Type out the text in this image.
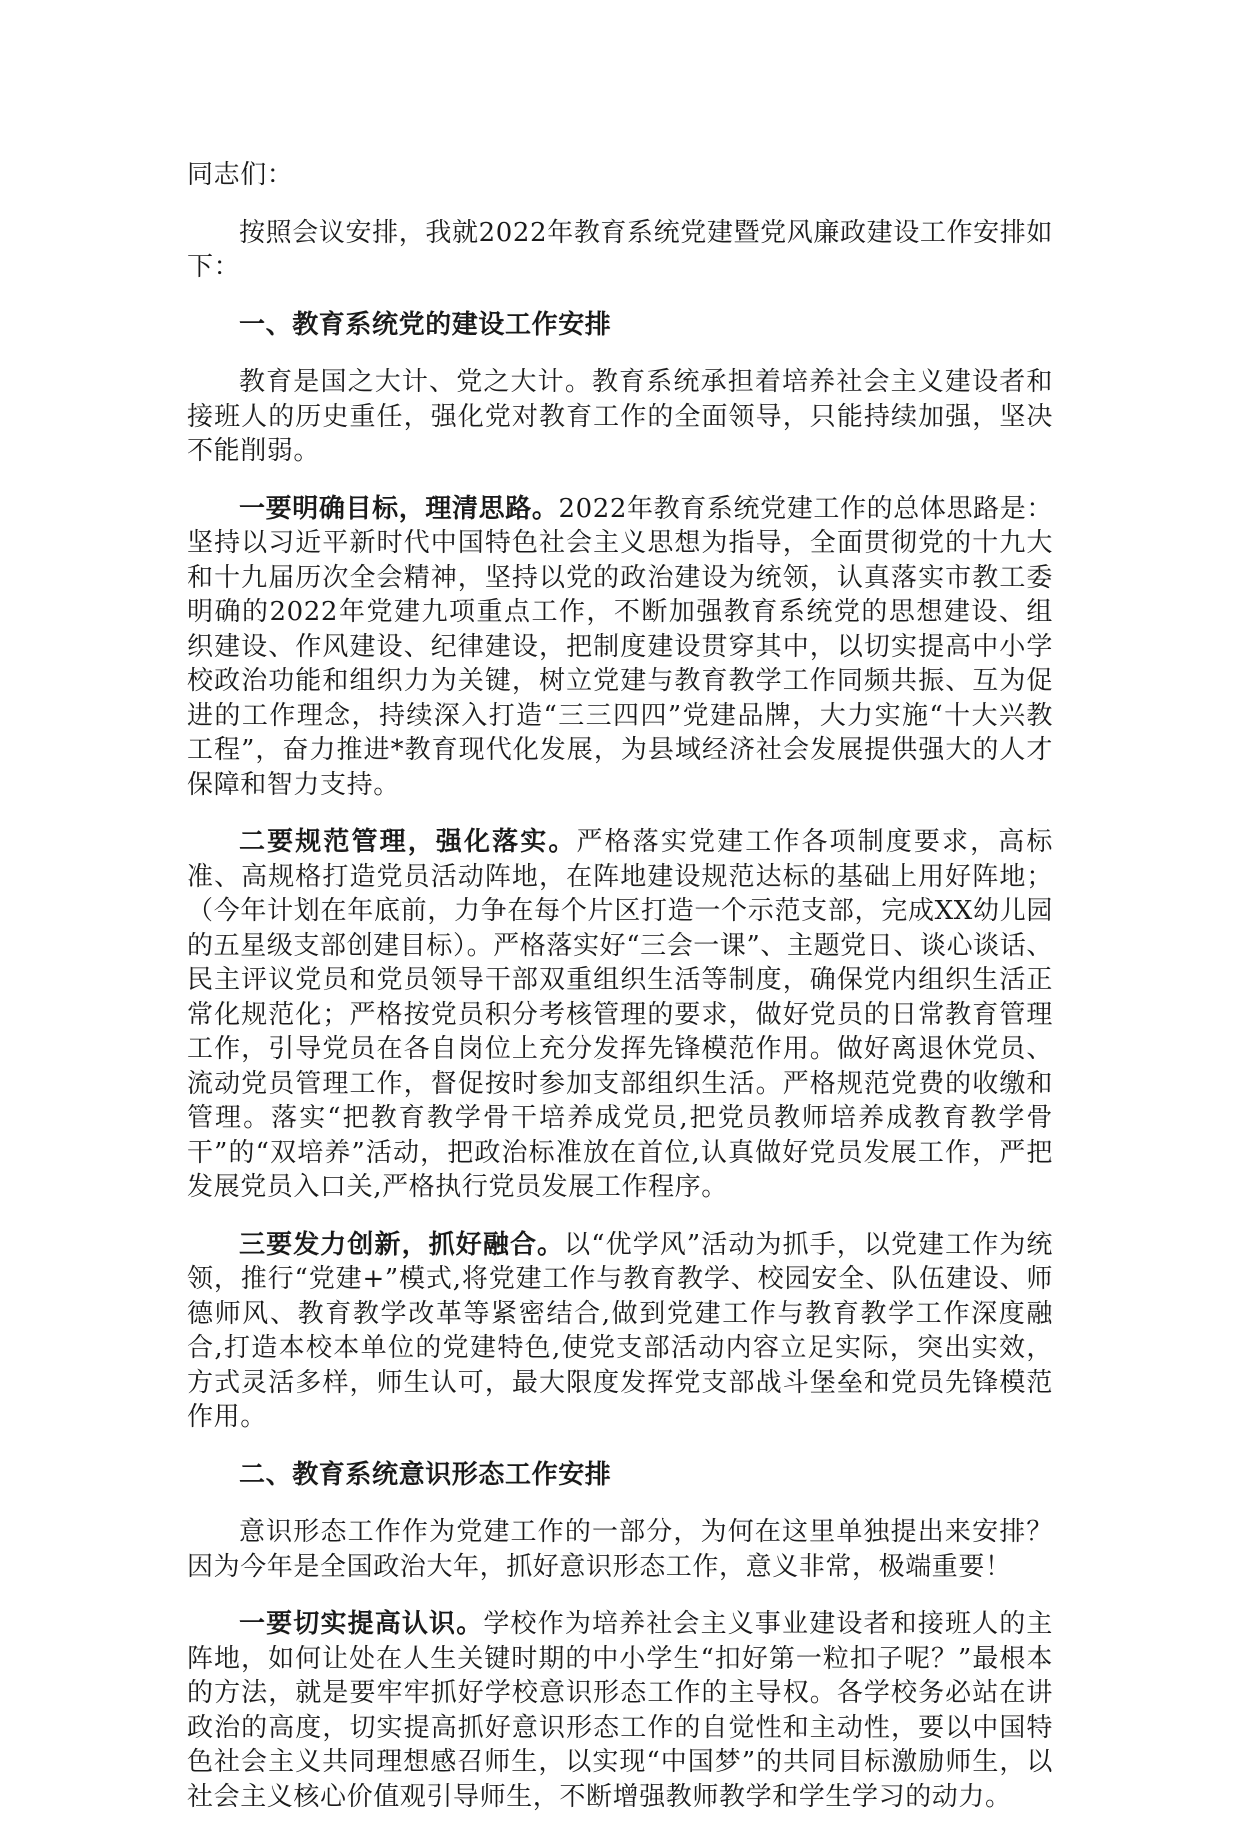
同志们：

按照会议安排，我就2022年教育系统党建暨党风廉政建设工作安排如下：

一、教育系统党的建设工作安排

教育是国之大计、党之大计。教育系统承担着培养社会主义建设者和接班人的历史重任，强化党对教育工作的全面领导，只能持续加强，坚决不能削弱。

一要明确目标，理清思路。2022年教育系统党建工作的总体思路是：坚持以习近平新时代中国特色社会主义思想为指导，全面贯彻党的十九大和十九届历次全会精神，坚持以党的政治建设为统领，认真落实市教工委明确的2022年党建九项重点工作，不断加强教育系统党的思想建设、组织建设、作风建设、纪律建设，把制度建设贯穿其中，以切实提高中小学校政治功能和组织力为关键，树立党建与教育教学工作同频共振、互为促进的工作理念，持续深入打造“三三四四”党建品牌，大力实施“十大兴教工程”，奋力推进*教育现代化发展，为县域经济社会发展提供强大的人才保障和智力支持。

二要规范管理，强化落实。严格落实党建工作各项制度要求，高标准、高规格打造党员活动阵地，在阵地建设规范达标的基础上用好阵地；（今年计划在年底前，力争在每个片区打造一个示范支部，完成XX幼儿园的五星级支部创建目标）。严格落实好“三会一课”、主题党日、谈心谈话、民主评议党员和党员领导干部双重组织生活等制度，确保党内组织生活正常化规范化；严格按党员积分考核管理的要求，做好党员的日常教育管理工作，引导党员在各自岗位上充分发挥先锋模范作用。做好离退休党员、流动党员管理工作，督促按时参加支部组织生活。严格规范党费的收缴和管理。落实“把教育教学骨干培养成党员,把党员教师培养成教育教学骨干”的“双培养”活动，把政治标准放在首位,认真做好党员发展工作，严把发展党员入口关,严格执行党员发展工作程序。

三要发力创新，抓好融合。以“优学风”活动为抓手，以党建工作为统领，推行“党建+”模式,将党建工作与教育教学、校园安全、队伍建设、师德师风、教育教学改革等紧密结合,做到党建工作与教育教学工作深度融合,打造本校本单位的党建特色,使党支部活动内容立足实际，突出实效，方式灵活多样，师生认可，最大限度发挥党支部战斗堡垒和党员先锋模范作用。

二、教育系统意识形态工作安排

意识形态工作作为党建工作的一部分，为何在这里单独提出来安排？因为今年是全国政治大年，抓好意识形态工作，意义非常，极端重要！

一要切实提高认识。学校作为培养社会主义事业建设者和接班人的主阵地，如何让处在人生关键时期的中小学生“扣好第一粒扣子呢？”最根本的方法，就是要牢牢抓好学校意识形态工作的主导权。各学校务必站在讲政治的高度，切实提高抓好意识形态工作的自觉性和主动性，要以中国特色社会主义共同理想感召师生，以实现“中国梦”的共同目标激励师生，以社会主义核心价值观引导师生，不断增强教师教学和学生学习的动力。
